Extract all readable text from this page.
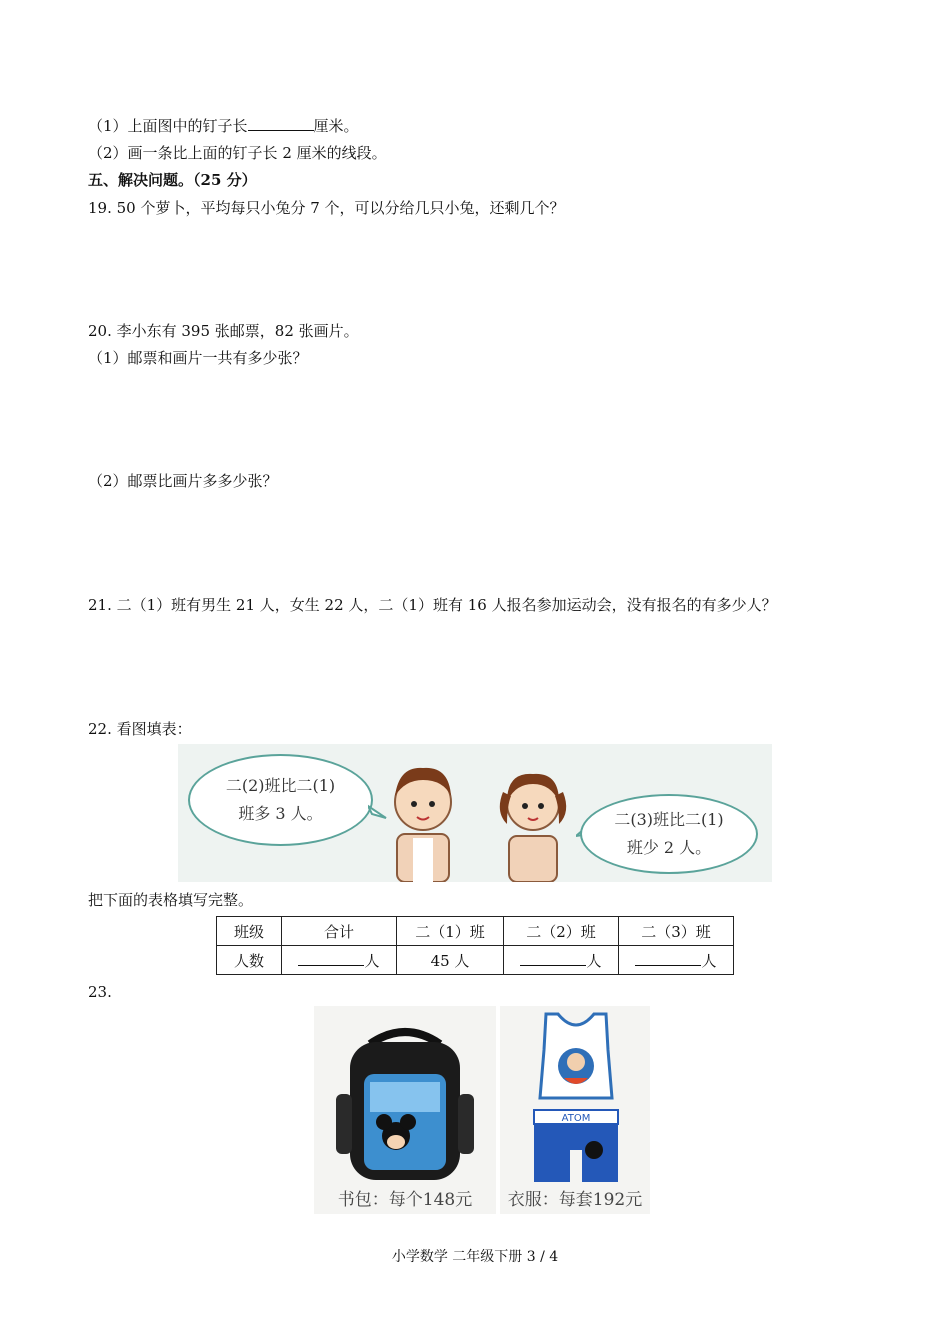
（1）上面图中的钉子长	厘米。
（2）画一条比上面的钉子长 2 厘米的线段。
五、解决问题。（25 分）
19. 50 个萝卜，平均每只小兔分 7 个，可以分给几只小兔，还剩几个？
20. 李小东有 395 张邮票，82 张画片。
（1）邮票和画片一共有多少张？
（2）邮票比画片多多少张？
21. 二（1）班有男生 21 人，女生 22 人，二（1）班有 16 人报名参加运动会，没有报名的有多少人？
22. 看图填表：
二(2)班比二(1)
班多 3 人。	二(3)班比二(1)
班少 2 人。
把下面的表格填写完整。
班级	合计	二（1）班	二（2）班	二（3）班
人数	人	45 人	人	人
23.
书包：每个148元
ATOM
衣服：每套192元
小学数学 二年级下册 3 / 4
